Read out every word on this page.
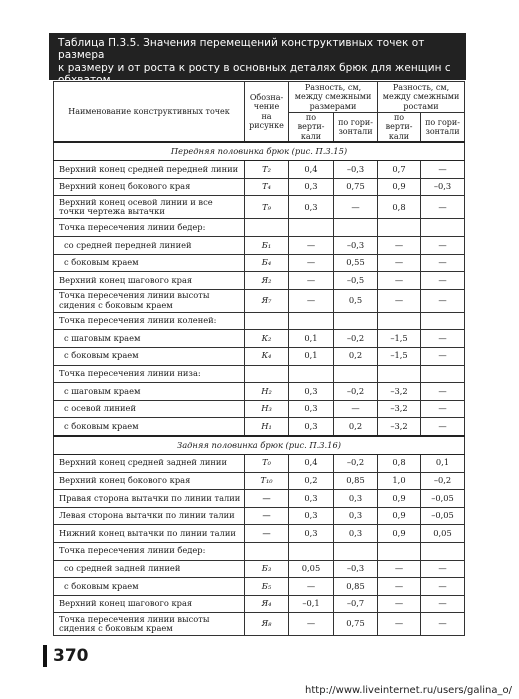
Таблица П.3.5. Значения перемещений конструктивных точек от размера
к размеру и от роста к росту в основных деталях брюк для женщин с обхватом
груди 88 – 104
Наименование конструктивных точек	Обозна-чение на рисунке	Разность, см, между смежными размерами		Разность, см, между смежными ростами	
		по верти-кали	по гори-зонтали	по верти-кали	по гори-зонтали
Передняя половинка брюк (рис. П.3.15)					
Верхний конец средней передней линии	Т₂	0,4	–0,3	0,7	—
Верхний конец бокового края	Т₄	0,3	0,75	0,9	–0,3
Верхний конец осевой линии и все точки чертежа вытачки	Т₉	0,3	—	0,8	—
Точка пересечения линии бедер:					
со средней передней линией	Б₁	—	–0,3	—	—
с боковым краем	Б₄	—	0,55	—	—
Верхний конец шагового края	Я₂	—	–0,5	—	—
Точка пересечения линии высоты сидения с боковым краем	Я₇	—	0,5	—	—
Точка пересечения линии коленей:					
с шаговым краем	К₂	0,1	–0,2	–1,5	—
с боковым краем	К₄	0,1	0,2	–1,5	—
Точка пересечения линии низа:					
с шаговым краем	Н₂	0,3	–0,2	–3,2	—
с осевой линией	Н₃	0,3	—	–3,2	—
с боковым краем	Н₁	0,3	0,2	–3,2	—
Задняя половинка брюк (рис. П.3.16)					
Верхний конец средней задней линии	Т₀	0,4	–0,2	0,8	0,1
Верхний конец бокового края	Т₁₀	0,2	0,85	1,0	–0,2
Правая сторона вытачки по линии талии	—	0,3	0,3	0,9	–0,05
Левая сторона вытачки по линии талии	—	0,3	0,3	0,9	–0,05
Нижний конец вытачки по линии талии	—	0,3	0,3	0,9	0,05
Точка пересечения линии бедер:					
со средней задней линией	Б₃	0,05	–0,3	—	—
с боковым краем	Б₅	—	0,85	—	—
Верхний конец шагового края	Я₄	–0,1	–0,7	—	—
Точка пересечения линии высоты сидения с боковым краем	Я₈	—	0,75	—	—
370
http://www.liveinternet.ru/users/galina_o/
